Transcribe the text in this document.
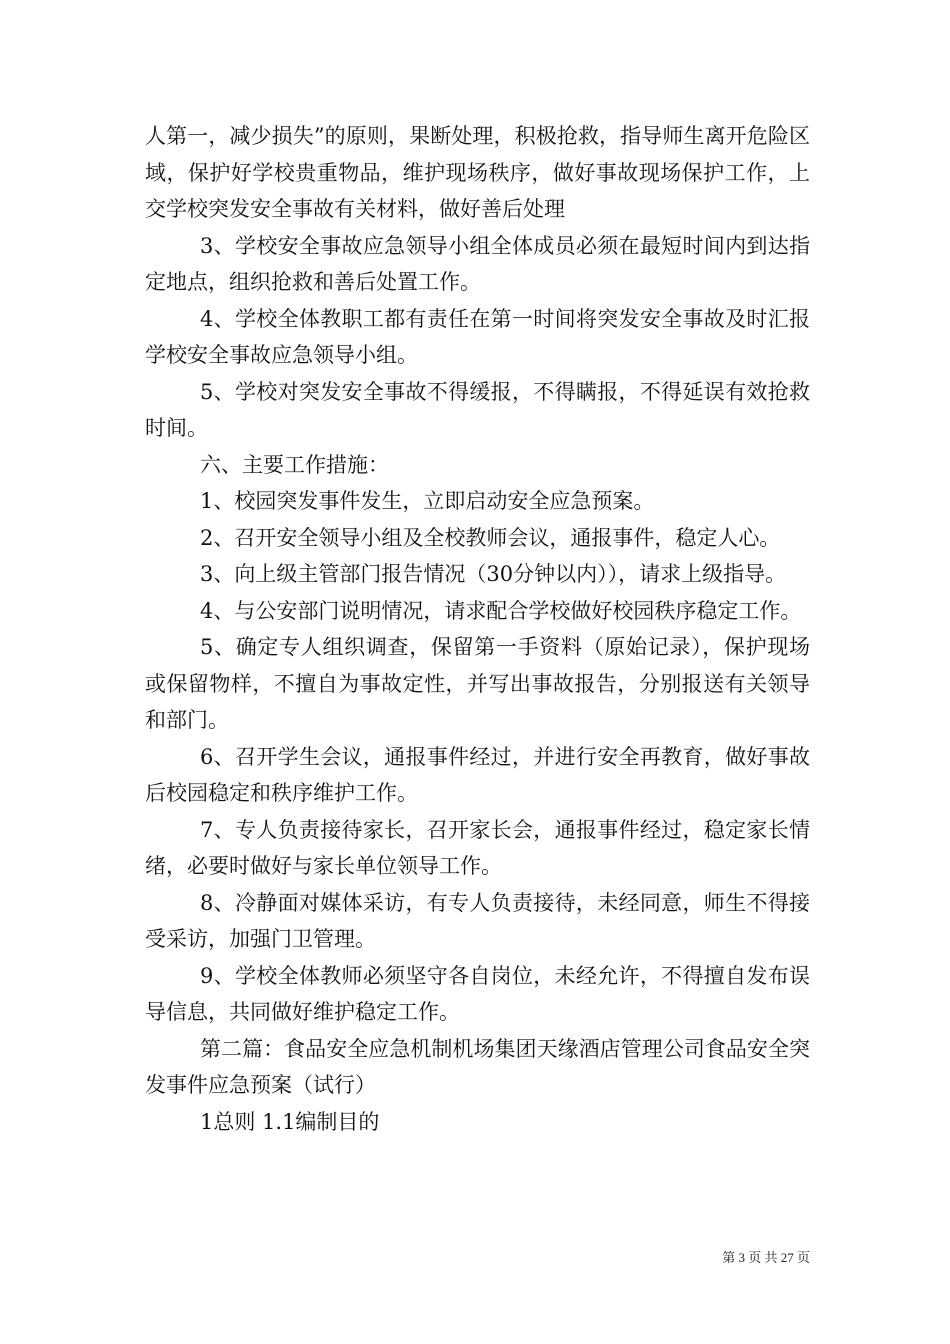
人第一，减少损失”的原则，果断处理，积极抢救，指导师生离开危险区域，保护好学校贵重物品，维护现场秩序，做好事故现场保护工作，上交学校突发安全事故有关材料，做好善后处理

3、学校安全事故应急领导小组全体成员必须在最短时间内到达指定地点，组织抢救和善后处置工作。

4、学校全体教职工都有责任在第一时间将突发安全事故及时汇报学校安全事故应急领导小组。

5、学校对突发安全事故不得缓报，不得瞒报，不得延误有效抢救时间。

六、主要工作措施：

1、校园突发事件发生，立即启动安全应急预案。

2、召开安全领导小组及全校教师会议，通报事件，稳定人心。

3、向上级主管部门报告情况（30分钟以内）），请求上级指导。

4、与公安部门说明情况，请求配合学校做好校园秩序稳定工作。

5、确定专人组织调查，保留第一手资料（原始记录），保护现场或保留物样，不擅自为事故定性，并写出事故报告，分别报送有关领导和部门。

6、召开学生会议，通报事件经过，并进行安全再教育，做好事故后校园稳定和秩序维护工作。

7、专人负责接待家长，召开家长会，通报事件经过，稳定家长情绪，必要时做好与家长单位领导工作。

8、冷静面对媒体采访，有专人负责接待，未经同意，师生不得接受采访，加强门卫管理。

9、学校全体教师必须坚守各自岗位，未经允许，不得擅自发布误导信息，共同做好维护稳定工作。

第二篇：食品安全应急机制机场集团天缘酒店管理公司食品安全突发事件应急预案（试行）

1总则 1.1编制目的

第 3 页 共 27 页
